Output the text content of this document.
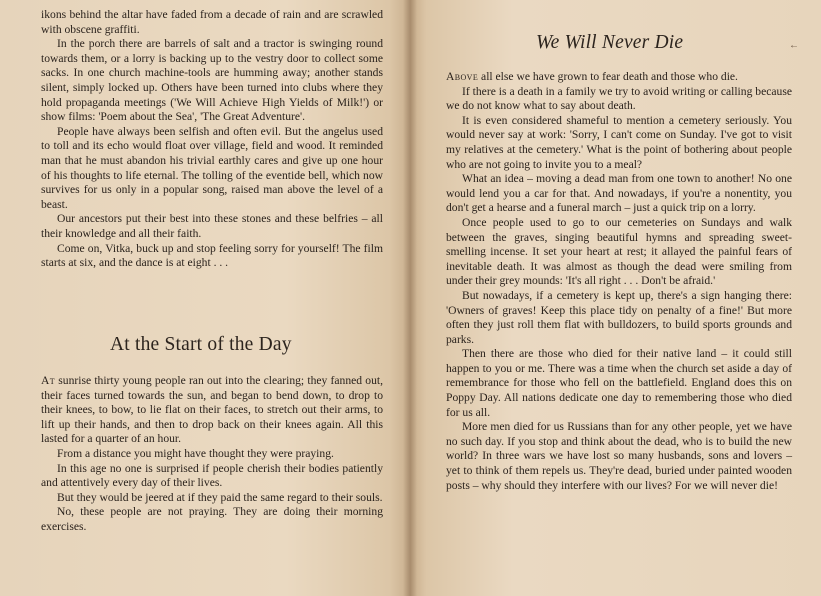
ikons behind the altar have faded from a decade of rain and are scrawled with obscene graffiti.

In the porch there are barrels of salt and a tractor is swinging round towards them, or a lorry is backing up to the vestry door to collect some sacks. In one church machine-tools are humming away; another stands silent, simply locked up. Others have been turned into clubs where they hold propaganda meetings ('We Will Achieve High Yields of Milk!') or show films: 'Poem about the Sea', 'The Great Adventure'.

People have always been selfish and often evil. But the angelus used to toll and its echo would float over village, field and wood. It reminded man that he must abandon his trivial earthly cares and give up one hour of his thoughts to life eternal. The tolling of the eventide bell, which now survives for us only in a popular song, raised man above the level of a beast.

Our ancestors put their best into these stones and these belfries – all their knowledge and all their faith.

Come on, Vitka, buck up and stop feeling sorry for yourself! The film starts at six, and the dance is at eight . . .

At the Start of the Day

At sunrise thirty young people ran out into the clearing; they fanned out, their faces turned towards the sun, and began to bend down, to drop to their knees, to bow, to lie flat on their faces, to stretch out their arms, to lift up their hands, and then to drop back on their knees again. All this lasted for a quarter of an hour.

From a distance you might have thought they were praying.

In this age no one is surprised if people cherish their bodies patiently and attentively every day of their lives.

But they would be jeered at if they paid the same regard to their souls.

No, these people are not praying. They are doing their morning exercises.

We Will Never Die	←

Above all else we have grown to fear death and those who die.

If there is a death in a family we try to avoid writing or calling because we do not know what to say about death.

It is even considered shameful to mention a cemetery seriously. You would never say at work: 'Sorry, I can't come on Sunday. I've got to visit my relatives at the cemetery.' What is the point of bothering about people who are not going to invite you to a meal?

What an idea – moving a dead man from one town to another! No one would lend you a car for that. And nowadays, if you're a nonentity, you don't get a hearse and a funeral march – just a quick trip on a lorry.

Once people used to go to our cemeteries on Sundays and walk between the graves, singing beautiful hymns and spreading sweet-smelling incense. It set your heart at rest; it allayed the painful fears of inevitable death. It was almost as though the dead were smiling from under their grey mounds: 'It's all right . . . Don't be afraid.'

But nowadays, if a cemetery is kept up, there's a sign hanging there: 'Owners of graves! Keep this place tidy on penalty of a fine!' But more often they just roll them flat with bulldozers, to build sports grounds and parks.

Then there are those who died for their native land – it could still happen to you or me. There was a time when the church set aside a day of remembrance for those who fell on the battlefield. England does this on Poppy Day. All nations dedicate one day to remembering those who died for us all.

More men died for us Russians than for any other people, yet we have no such day. If you stop and think about the dead, who is to build the new world? In three wars we have lost so many husbands, sons and lovers – yet to think of them repels us. They're dead, buried under painted wooden posts – why should they interfere with our lives? For we will never die!
